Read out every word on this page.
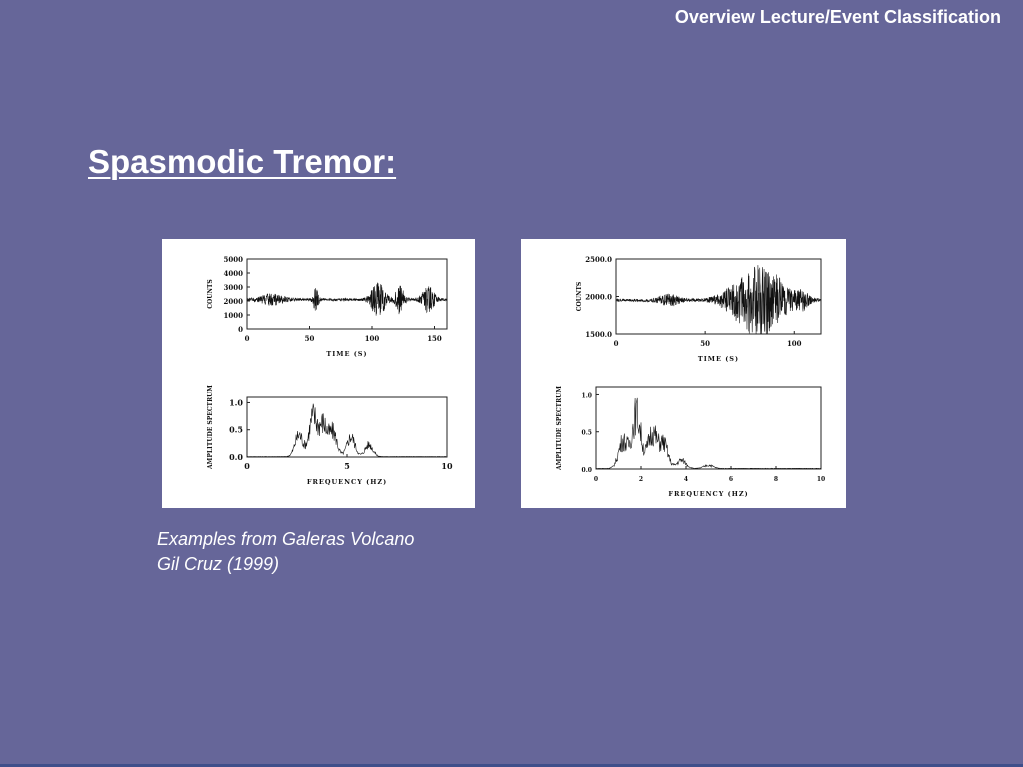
Overview Lecture/Event Classification
Spasmodic Tremor:
0	50	100	150
5000
4000
3000
2000
1000
0
TIME (S)
COUNTS
0	5	10
1.0
0.5
0.0
FREQUENCY (HZ)
AMPLITUDE SPECTRUM
0	50	100
2500.0
2000.0
1500.0
TIME (S)
COUNTS
0	2	4	6	8	10
1.0
0.5
0.0
FREQUENCY (HZ)
AMPLITUDE SPECTRUM
Examples from Galeras Volcano
Gil Cruz (1999)
